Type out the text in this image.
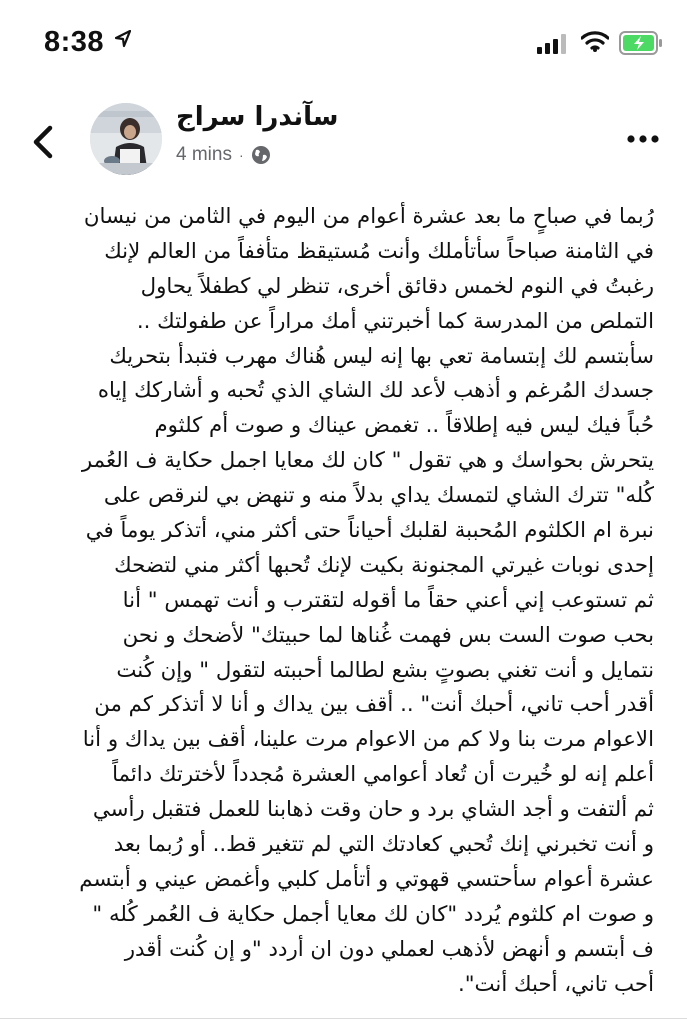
8:38
سآندرا سراج
4 mins ·
رُبما في صباحٍ ما بعد عشرة أعوام من اليوم في الثامن من نيسان
في الثامنة صباحاً سأتأملك وأنت مُستيقظ متأففاً من العالم لإنك
رغبتُ في النوم لخمس دقائق أخرى، تنظر لي كطفلاً يحاول
التملص من المدرسة كما أخبرتني أمك مراراً عن طفولتك ..
سأبتسم لك إبتسامة تعي بها إنه ليس هُناك مهرب فتبدأ بتحريك
جسدك المُرغم و أذهب لأعد لك الشاي الذي تُحبه و أشاركك إياه
حُباً فيك ليس فيه إطلاقاً .. تغمض عيناك و صوت أم كلثوم
يتحرش بحواسك و هي تقول " كان لك معايا اجمل حكاية ف العُمر
كُله" تترك الشاي لتمسك يداي بدلاً منه و تنهض بي لنرقص على
نبرة ام الكلثوم المُحببة لقلبك أحياناً حتى أكثر مني، أتذكر يوماً في
إحدى نوبات غيرتي المجنونة بكيت لإنك تُحبها أكثر مني لتضحك
ثم تستوعب إني أعني حقاً ما أقوله لتقترب و أنت تهمس " أنا
بحب صوت الست بس فهمت غُناها لما حبيتك" لأضحك و نحن
نتمايل و أنت تغني بصوتٍ بشع لطالما أحببته لتقول " وإن كُنت
أقدر أحب تاني، أحبك أنت" .. أقف بين يداك و أنا لا أتذكر كم من
الاعوام مرت بنا ولا كم من الاعوام مرت علينا، أقف بين يداك و أنا
أعلم إنه لو خُيرت أن تُعاد أعوامي العشرة مُجدداً لأخترتك دائماً
ثم ألتفت و أجد الشاي برد و حان وقت ذهابنا للعمل فتقبل رأسي
و أنت تخبرني إنك تُحبي كعادتك التي لم تتغير قط.. أو رُبما بعد
عشرة أعوام سأحتسي قهوتي و أتأمل كلبي وأغمض عيني و أبتسم
و صوت ام كلثوم يُردد "كان لك معايا أجمل حكاية ف العُمر كُله "
ف أبتسم و أنهض لأذهب لعملي دون ان أردد "و إن كُنت أقدر
أحب تاني، أحبك أنت".
